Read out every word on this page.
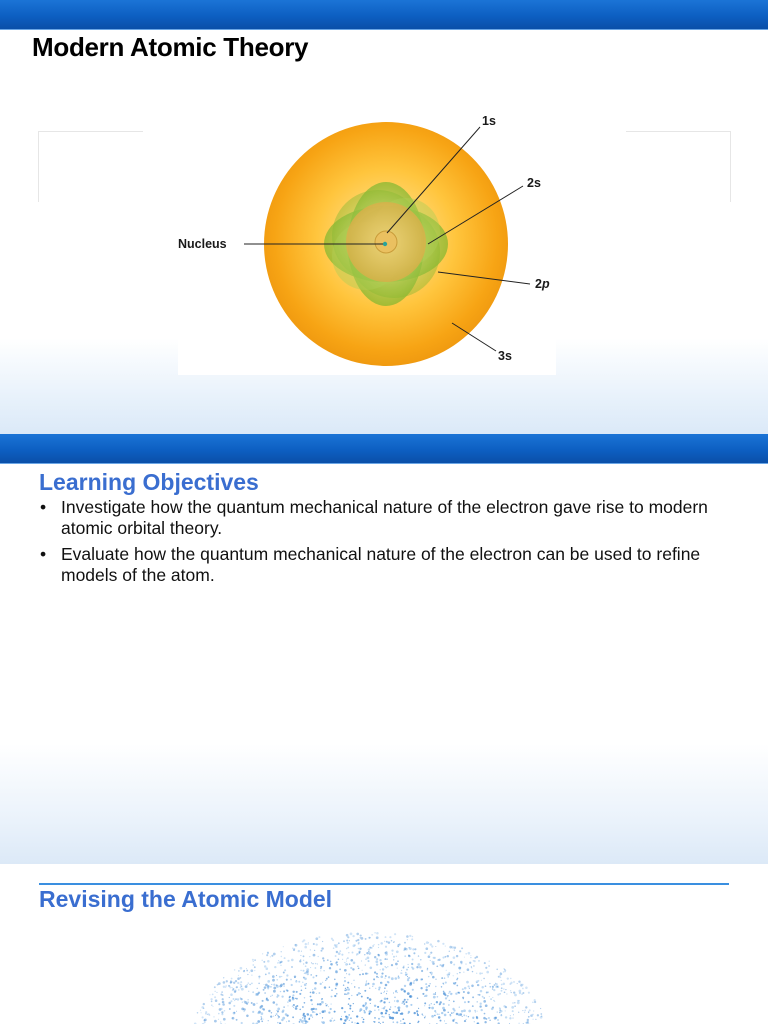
Modern Atomic Theory
Nucleus
1s
2s
2p
3s
Learning Objectives
• Investigate how the quantum mechanical nature of the electron gave rise to modern atomic orbital theory.
• Evaluate how the quantum mechanical nature of the electron can be used to refine models of the atom.
Revising the Atomic Model
